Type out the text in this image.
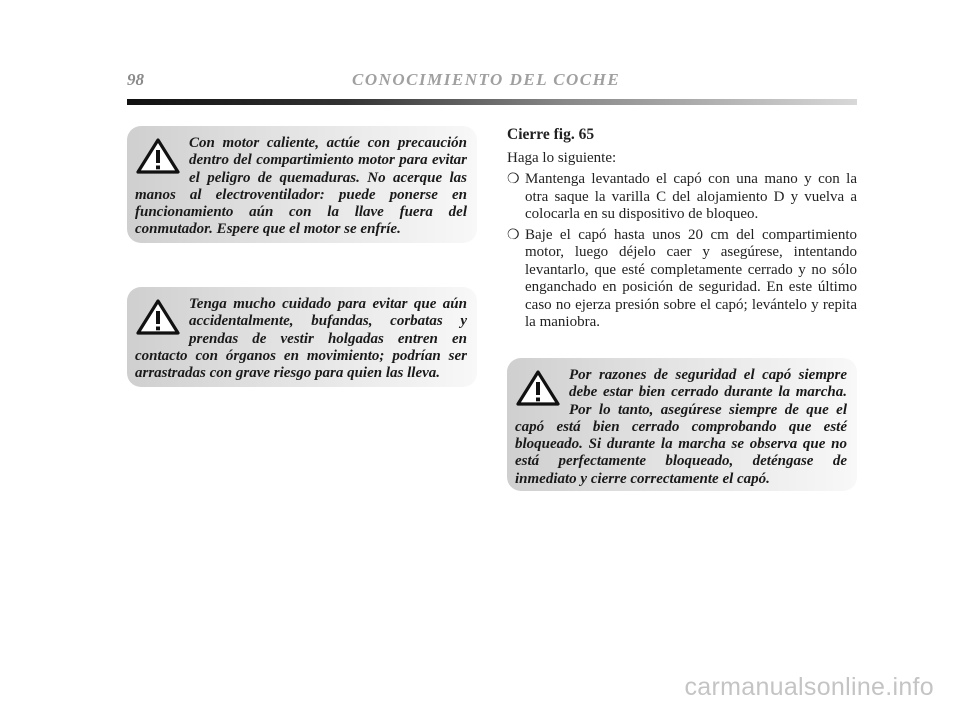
98	CONOCIMIENTO DEL COCHE

Con motor caliente, actúe con precaución dentro del compartimiento motor para evitar el peligro de quemaduras. No acerque las manos al electroventilador: puede ponerse en funcionamiento aún con la llave fuera del conmutador. Espere que el motor se enfríe.

Tenga mucho cuidado para evitar que aún accidentalmente, bufandas, corbatas y prendas de vestir holgadas entren en contacto con órganos en movimiento; podrían ser arrastradas con grave riesgo para quien las lleva.

Cierre fig. 65
Haga lo siguiente:
❍ Mantenga levantado el capó con una mano y con la otra saque la varilla C del alojamiento D y vuelva a colocarla en su dispositivo de bloqueo.
❍ Baje el capó hasta unos 20 cm del compartimiento motor, luego déjelo caer y asegúrese, intentando levantarlo, que esté completamente cerrado y no sólo enganchado en posición de seguridad. En este último caso no ejerza presión sobre el capó; levántelo y repita la maniobra.

Por razones de seguridad el capó siempre debe estar bien cerrado durante la marcha. Por lo tanto, asegúrese siempre de que el capó está bien cerrado comprobando que esté bloqueado. Si durante la marcha se observa que no está perfectamente bloqueado, deténgase de inmediato y cierre correctamente el capó.

carmanualsonline.info
